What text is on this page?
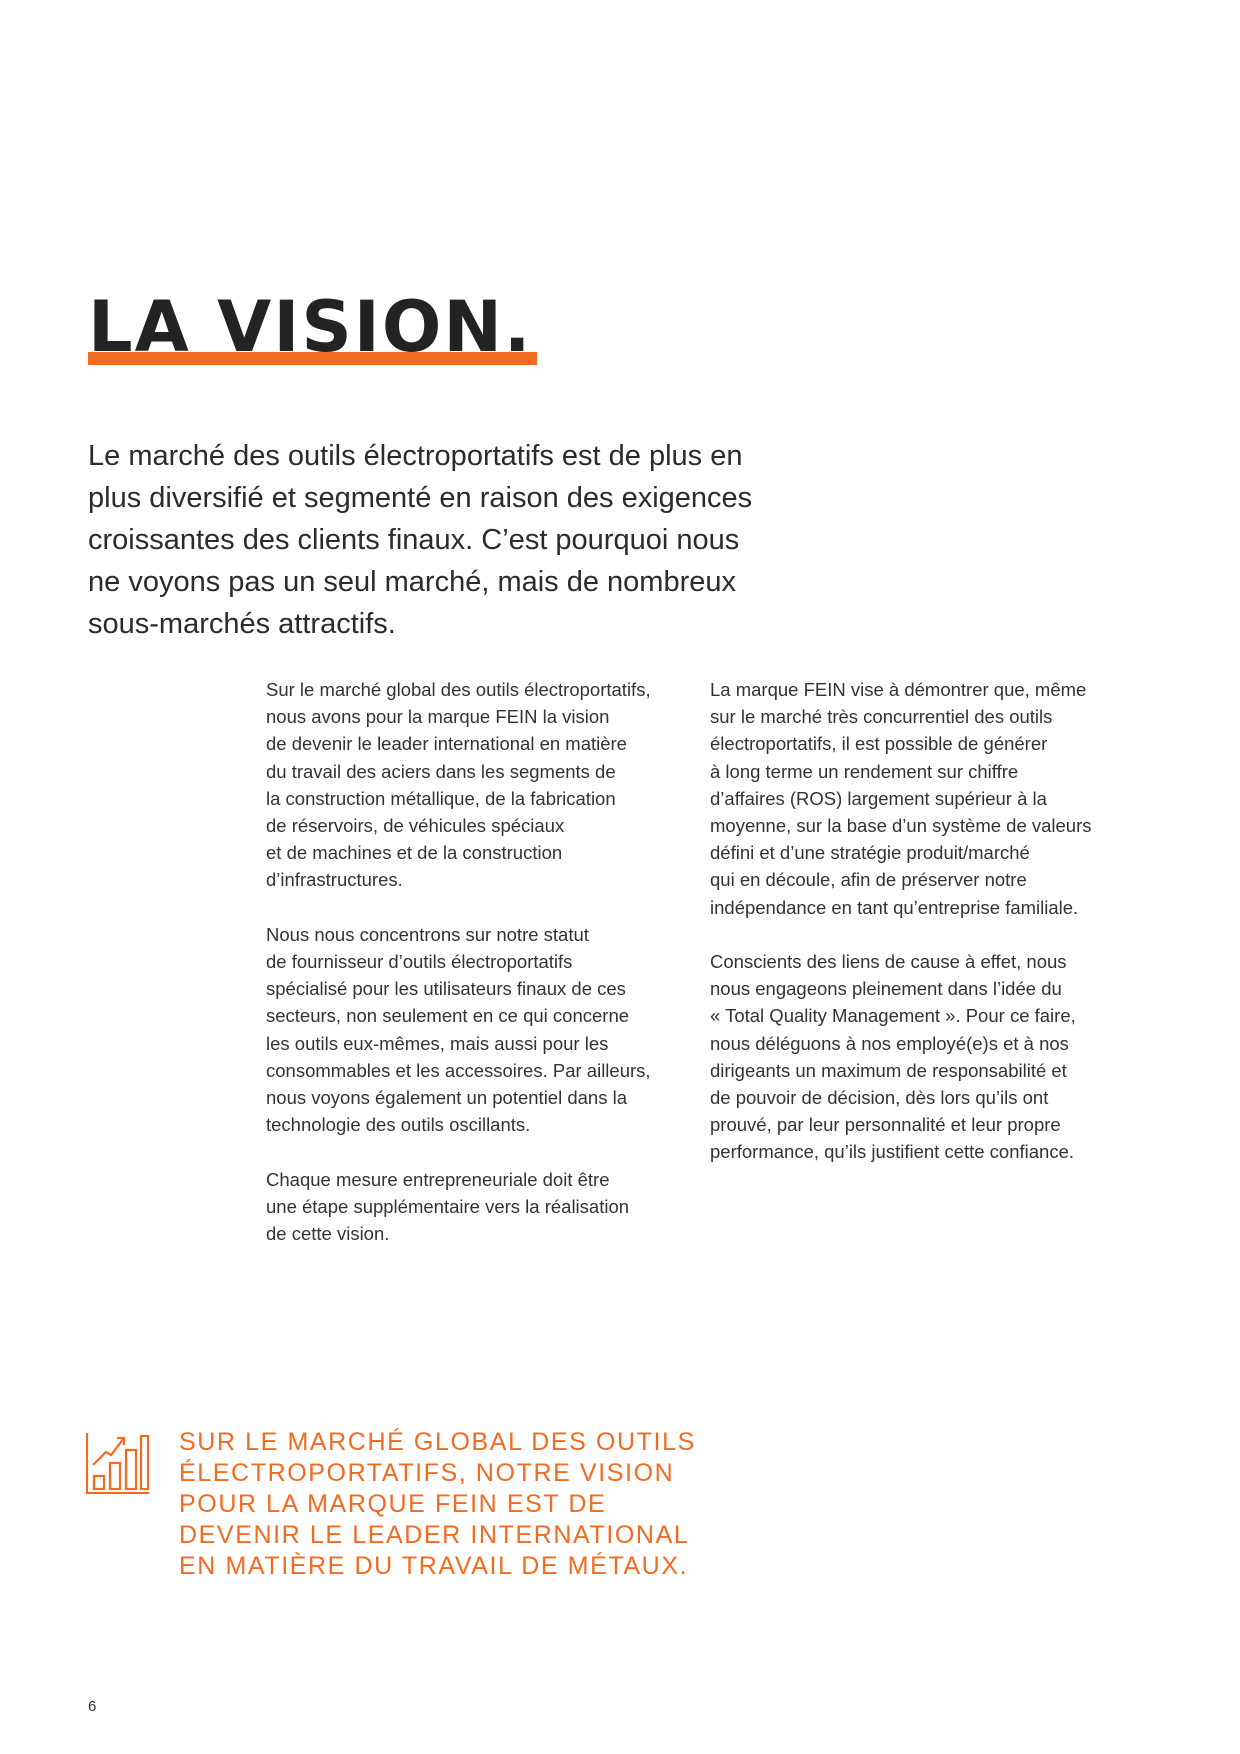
LA VISION.

Le marché des outils électroportatifs est de plus en
plus diversifié et segmenté en raison des exigences
croissantes des clients finaux. C’est pourquoi nous
ne voyons pas un seul marché, mais de nombreux
sous-marchés attractifs.

Sur le marché global des outils électroportatifs,
nous avons pour la marque FEIN la vision
de devenir le leader international en matière
du travail des aciers dans les segments de
la construction métallique, de la fabrication
de réservoirs, de véhicules spéciaux
et de machines et de la construction
d’infrastructures.

Nous nous concentrons sur notre statut
de fournisseur d’outils électroportatifs
spécialisé pour les utilisateurs finaux de ces
secteurs, non seulement en ce qui concerne
les outils eux-mêmes, mais aussi pour les
consommables et les accessoires. Par ailleurs,
nous voyons également un potentiel dans la
technologie des outils oscillants.

Chaque mesure entrepreneuriale doit être
une étape supplémentaire vers la réalisation
de cette vision.

La marque FEIN vise à démontrer que, même
sur le marché très concurrentiel des outils
électroportatifs, il est possible de générer
à long terme un rendement sur chiffre
d’affaires (ROS) largement supérieur à la
moyenne, sur la base d’un système de valeurs
défini et d’une stratégie produit/marché
qui en découle, afin de préserver notre
indépendance en tant qu’entreprise familiale.

Conscients des liens de cause à effet, nous
nous engageons pleinement dans l’idée du
« Total Quality Management ». Pour ce faire,
nous déléguons à nos employé(e)s et à nos
dirigeants un maximum de responsabilité et
de pouvoir de décision, dès lors qu’ils ont
prouvé, par leur personnalité et leur propre
performance, qu’ils justifient cette confiance.

SUR LE MARCHÉ GLOBAL DES OUTILS
ÉLECTROPORTATIFS, NOTRE VISION
POUR LA MARQUE FEIN EST DE
DEVENIR LE LEADER INTERNATIONAL
EN MATIÈRE DU TRAVAIL DE MÉTAUX.

6
